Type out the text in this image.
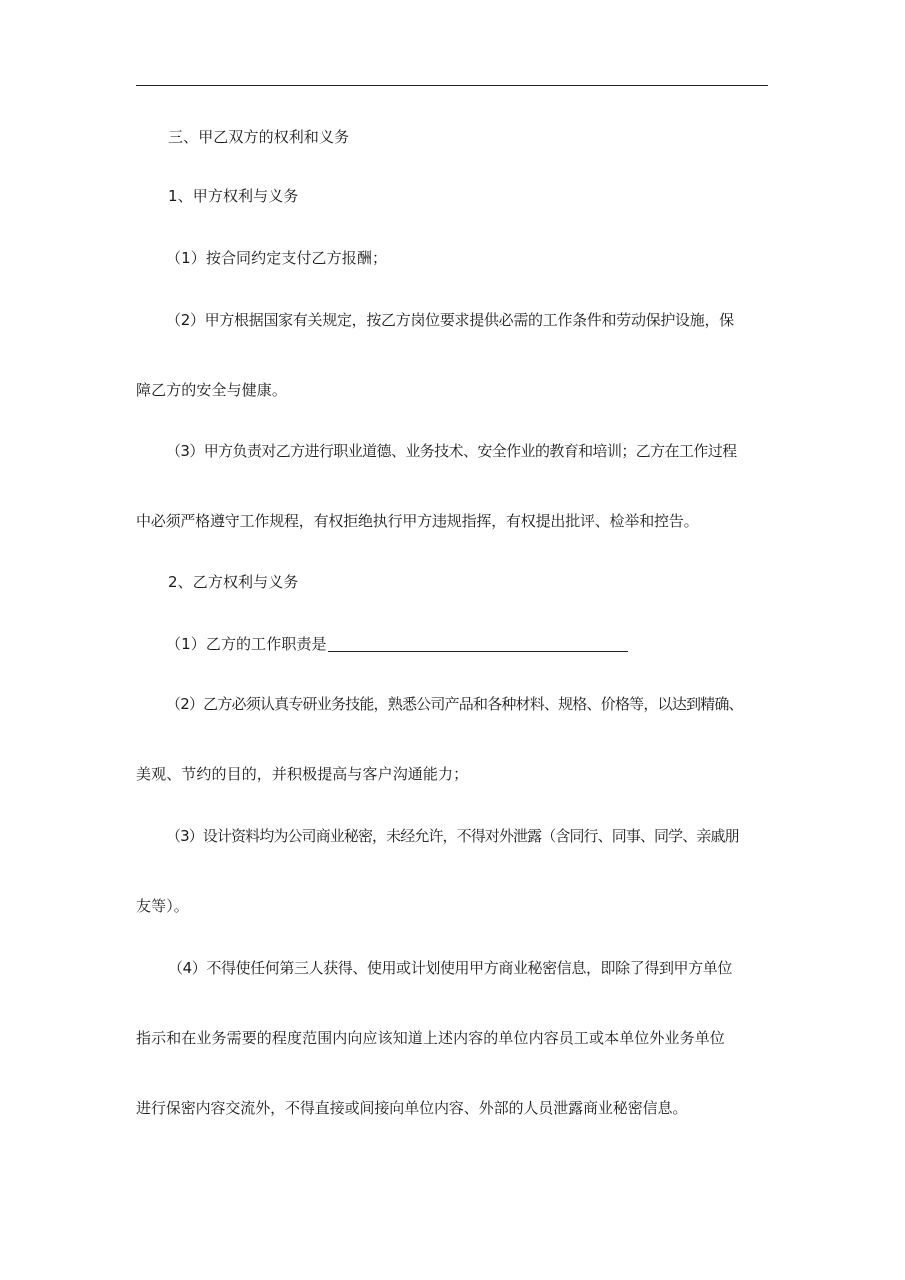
三、甲乙双方的权利和义务
1、甲方权利与义务
（1）按合同约定支付乙方报酬；
（2）甲方根据国家有关规定，按乙方岗位要求提供必需的工作条件和劳动保护设施，保
障乙方的安全与健康。
（3）甲方负责对乙方进行职业道德、业务技术、安全作业的教育和培训；乙方在工作过程
中必须严格遵守工作规程，有权拒绝执行甲方违规指挥，有权提出批评、检举和控告。
2、乙方权利与义务
（1）乙方的工作职责是
（2）乙方必须认真专研业务技能，熟悉公司产品和各种材料、规格、价格等，以达到精确、
美观、节约的目的，并积极提高与客户沟通能力；
（3）设计资料均为公司商业秘密，未经允许，不得对外泄露（含同行、同事、同学、亲戚朋
友等）。
（4）不得使任何第三人获得、使用或计划使用甲方商业秘密信息，即除了得到甲方单位
指示和在业务需要的程度范围内向应该知道上述内容的单位内容员工或本单位外业务单位
进行保密内容交流外，不得直接或间接向单位内容、外部的人员泄露商业秘密信息。
